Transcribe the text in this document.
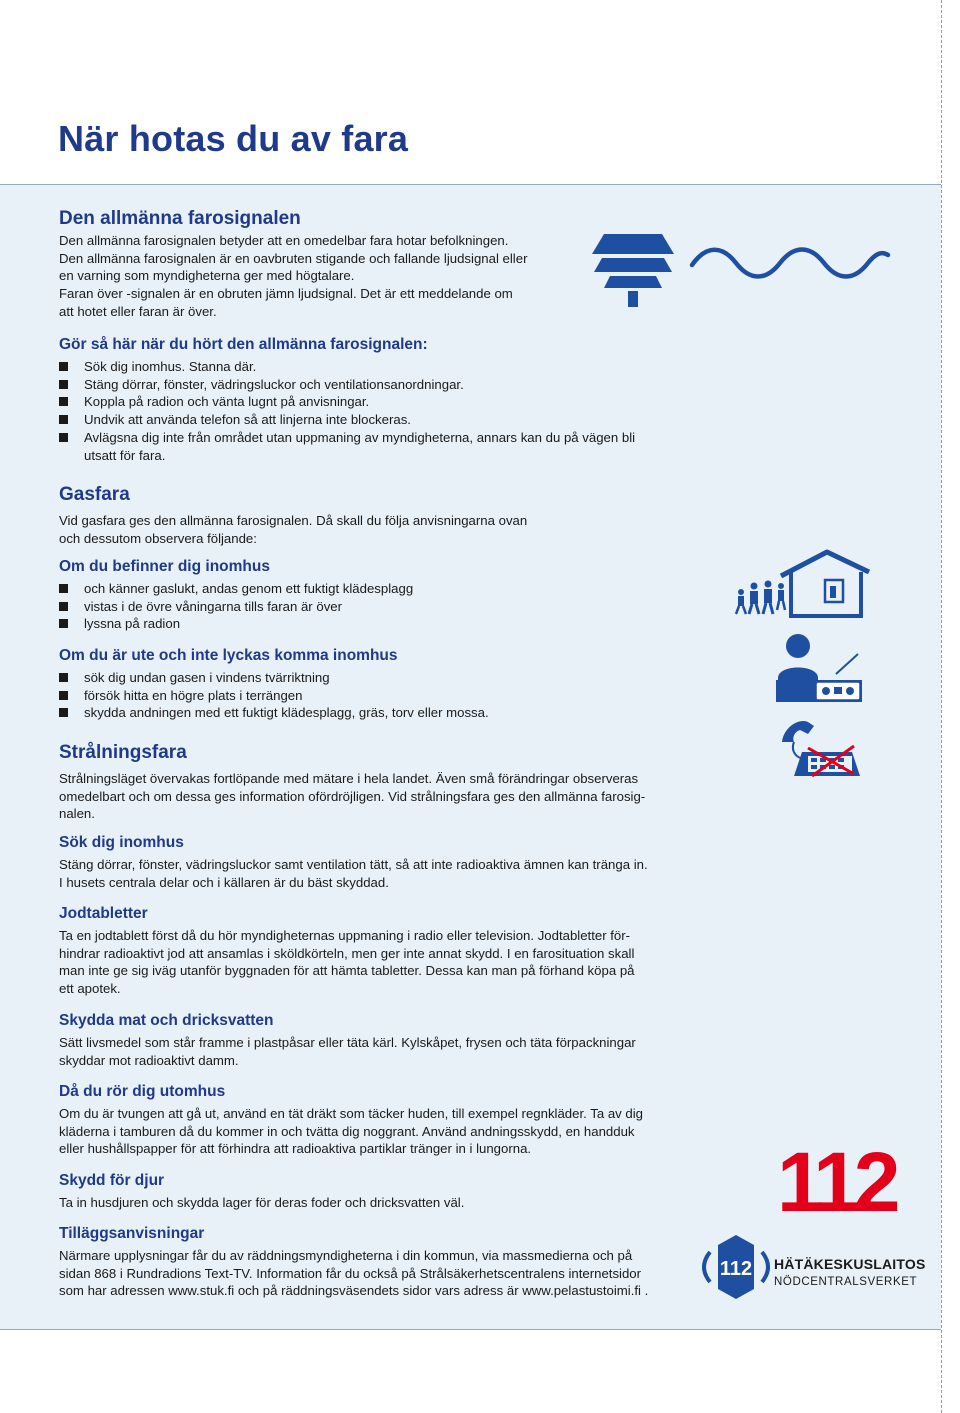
När hotas du av fara
112
112 HÄTÄKESKUSLAITOS
NÖDCENTRALSVERKET
Den allmänna farosignalen

Den allmänna farosignalen betyder att en omedelbar fara hotar befolkningen.
Den allmänna farosignalen är en oavbruten stigande och fallande ljudsignal eller
en varning som myndigheterna ger med högtalare.
Faran över -signalen är en obruten jämn ljudsignal. Det är ett meddelande om
att hotet eller faran är över.

Gör så här när du hört den allmänna farosignalen:
Sök dig inomhus. Stanna där.
Stäng dörrar, fönster, vädringsluckor och ventilationsanordningar.
Koppla på radion och vänta lugnt på anvisningar.
Undvik att använda telefon så att linjerna inte blockeras.
Avlägsna dig inte från området utan uppmaning av myndigheterna, annars kan du på vägen bli
utsatt för fara.
Gasfara

Vid gasfara ges den allmänna farosignalen. Då skall du följa anvisningarna ovan
och dessutom observera följande:

Om du befinner dig inomhus
och känner gaslukt, andas genom ett fuktigt klädesplagg
vistas i de övre våningarna tills faran är över
lyssna på radion
Om du är ute och inte lyckas komma inomhus
sök dig undan gasen i vindens tvärriktning
försök hitta en högre plats i terrängen
skydda andningen med ett fuktigt klädesplagg, gräs, torv eller mossa.
Strålningsfara

Strålningsläget övervakas fortlöpande med mätare i hela landet. Även små förändringar observeras
omedelbart och om dessa ges information ofördröjligen. Vid strålningsfara ges den allmänna farosig-
nalen.

Sök dig inomhus

Stäng dörrar, fönster, vädringsluckor samt ventilation tätt, så att inte radioaktiva ämnen kan tränga in.
I husets centrala delar och i källaren är du bäst skyddad.

Jodtabletter

Ta en jodtablett först då du hör myndigheternas uppmaning i radio eller television. Jodtabletter för-
hindrar radioaktivt jod att ansamlas i sköldkörteln, men ger inte annat skydd. I en farosituation skall
man inte ge sig iväg utanför byggnaden för att hämta tabletter. Dessa kan man på förhand köpa på
ett apotek.

Skydda mat och dricksvatten

Sätt livsmedel som står framme i plastpåsar eller täta kärl. Kylskåpet, frysen och täta förpackningar
skyddar mot radioaktivt damm.

Då du rör dig utomhus

Om du är tvungen att gå ut, använd en tät dräkt som täcker huden, till exempel regnkläder. Ta av dig
kläderna i tamburen då du kommer in och tvätta dig noggrant. Använd andningsskydd, en handduk
eller hushållspapper för att förhindra att radioaktiva partiklar tränger in i lungorna.

Skydd för djur

Ta in husdjuren och skydda lager för deras foder och dricksvatten väl.

Tilläggsanvisningar

Närmare upplysningar får du av räddningsmyndigheterna i din kommun, via massmedierna och på
sidan 868 i Rundradions Text-TV. Information får du också på Strålsäkerhetscentralens internetsidor
som har adressen www.stuk.fi och på räddningsväsendets sidor vars adress är www.pelastustoimi.fi .
